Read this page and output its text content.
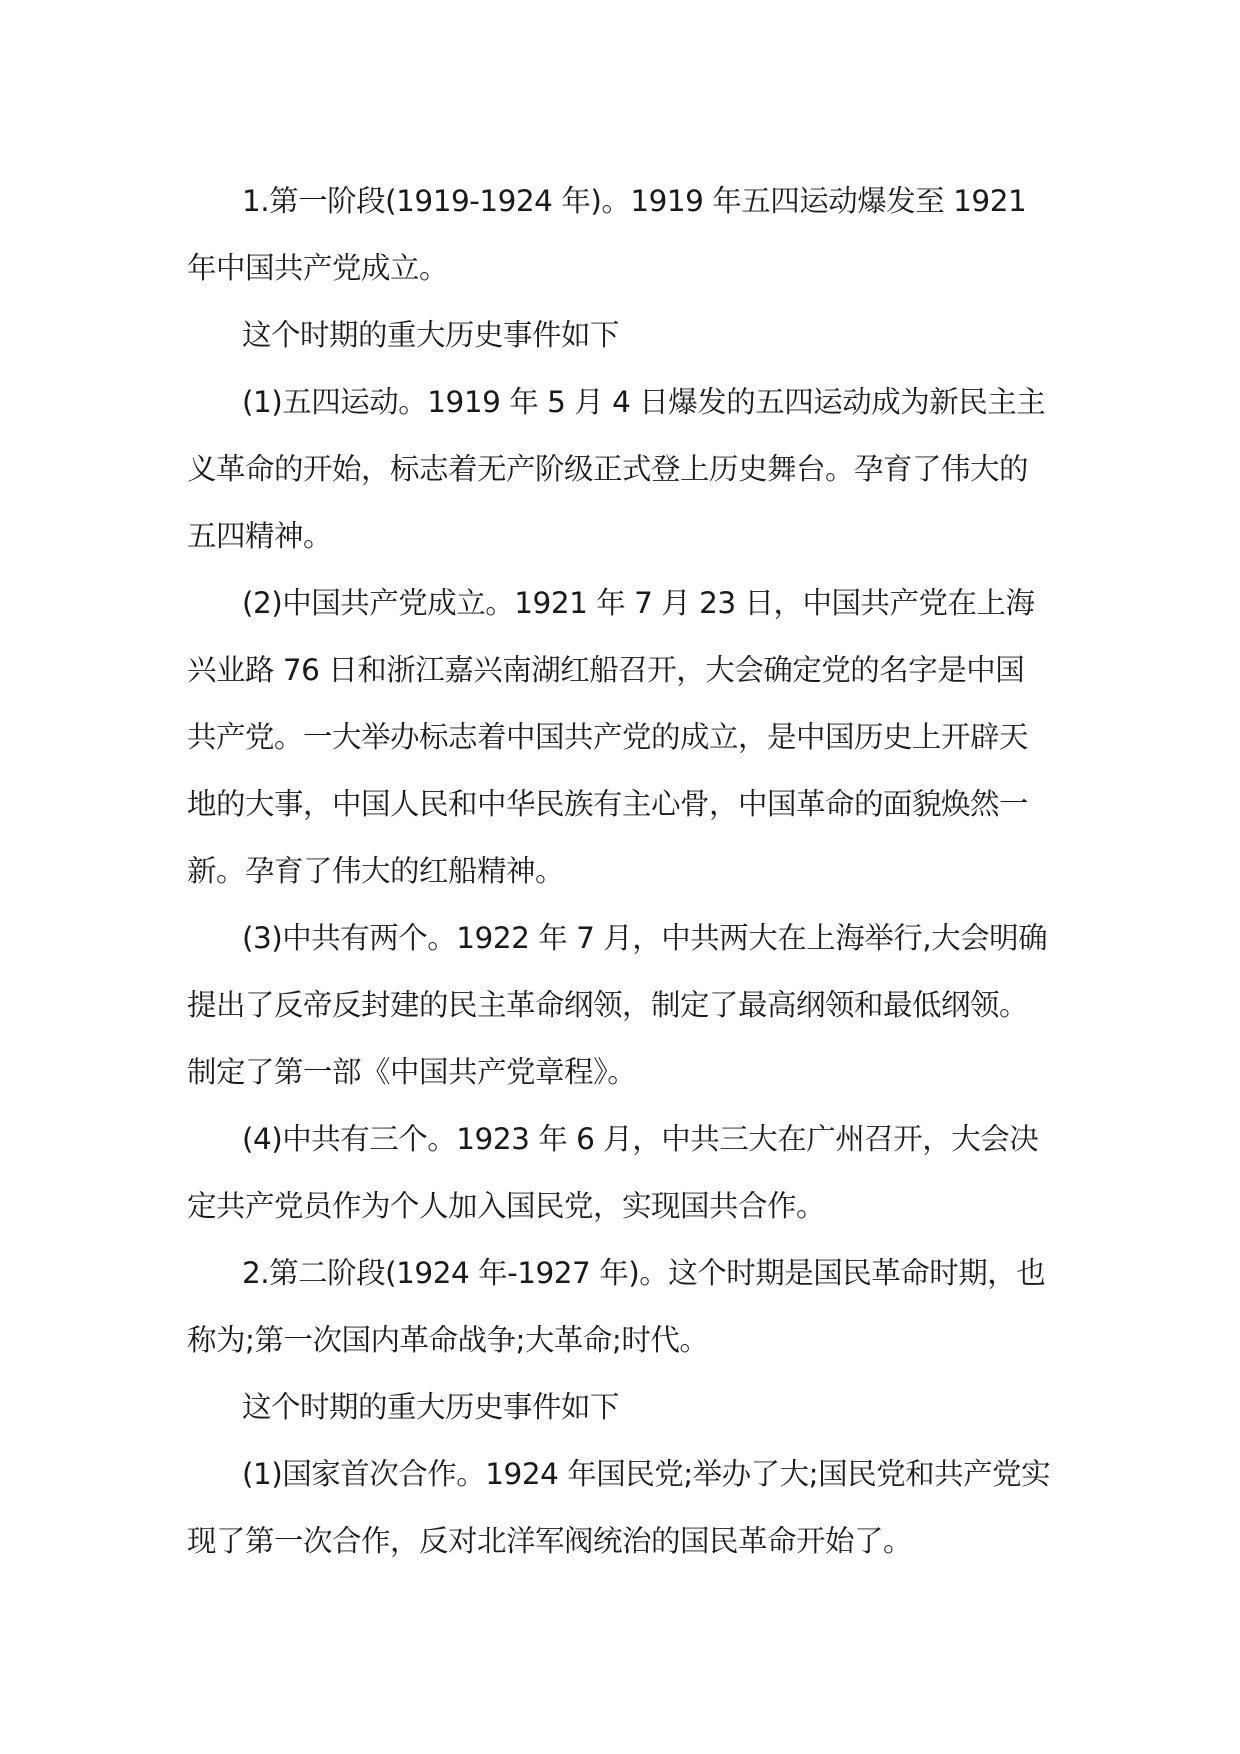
1.第一阶段(1919-1924 年)。1919 年五四运动爆发至 1921 年中国共产党成立。

这个时期的重大历史事件如下

(1)五四运动。1919 年 5 月 4 日爆发的五四运动成为新民主主义革命的开始，标志着无产阶级正式登上历史舞台。孕育了伟大的五四精神。

(2)中国共产党成立。1921 年 7 月 23 日，中国共产党在上海兴业路 76 日和浙江嘉兴南湖红船召开，大会确定党的名字是中国共产党。一大举办标志着中国共产党的成立，是中国历史上开辟天地的大事，中国人民和中华民族有主心骨，中国革命的面貌焕然一新。孕育了伟大的红船精神。

(3)中共有两个。1922 年 7 月，中共两大在上海举行,大会明确提出了反帝反封建的民主革命纲领，制定了最高纲领和最低纲领。制定了第一部《中国共产党章程》。

(4)中共有三个。1923 年 6 月，中共三大在广州召开，大会决定共产党员作为个人加入国民党，实现国共合作。

2.第二阶段(1924 年-1927 年)。这个时期是国民革命时期，也称为;第一次国内革命战争;大革命;时代。

这个时期的重大历史事件如下

(1)国家首次合作。1924 年国民党;举办了大;国民党和共产党实现了第一次合作，反对北洋军阀统治的国民革命开始了。
